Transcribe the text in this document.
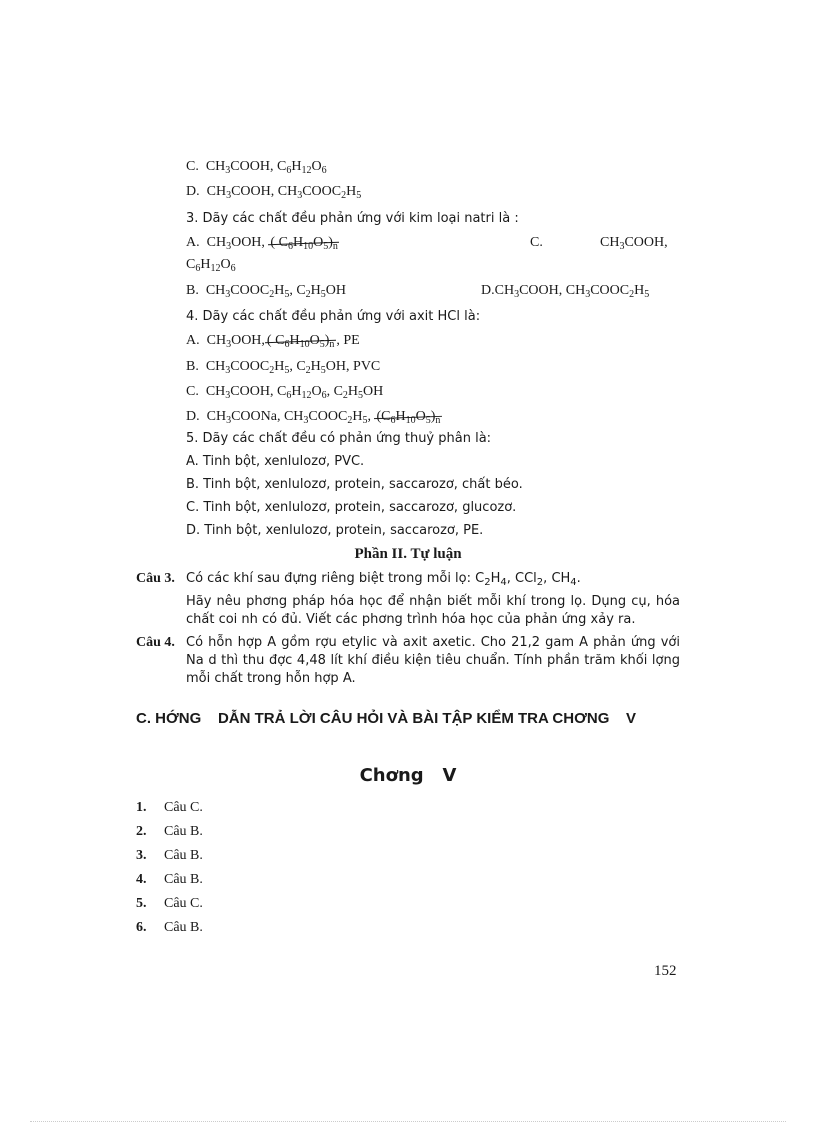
C. $CH_3COOH$, $C_6H_{12}O_6$
D. $CH_3COOH$, $CH_3COOC_2H_5$
3. Dãy các chất đều phản ứng với kim loại natri là :
A. $CH_3OOH$, ( $C_6H_{10}O_5)_n$	C.	$CH_3COOH$,
$C_6H_{12}O_6$
B. $CH_3COOC_2H_5$, $C_2H_5OH$	$D.CH_3COOH$, $CH_3COOC_2H_5$
4. Dãy các chất đều phản ứng với axit HCl là:
A. $CH_3OOH$, ( $C_6H_{10}O_5)_n$ , PE
B. $CH_3COOC_2H_5$, $C_2H_5OH$, PVC
C. $CH_3COOH$, $C_6H_{12}O_6$, $C_2H_5OH$
D. $CH_3COONa$, $CH_3COOC_2H_5$, $(C_6H_{10}O_5)_n$
5. Dãy các chất đều có phản ứng thuỷ phân là:
A. Tinh bột, xenlulozơ, PVC.
B. Tinh bột, xenlulozơ, protein, saccarozơ, chất béo.
C. Tinh bột, xenlulozơ, protein, saccarozơ, glucozơ.
D. Tinh bột, xenlulozơ, protein, saccarozơ, PE.
Phần II. Tự luận
Câu 3. Có các khí sau đựng riêng biệt trong mỗi lọ: $C_2H_4$, CCl$_2$, $CH_4$.
Hãy nêu phơng pháp hóa học để nhận biết mỗi khí trong lọ. Dụng cụ, hóa chất coi nh có đủ. Viết các phơng trình hóa học của phản ứng xảy ra.
Câu 4. Có hỗn hợp A gồm rợu etylic và axit axetic. Cho 21,2 gam A phản ứng với Na d thì thu đợc 4,48 lít khí điều kiện tiêu chuẩn. Tính phần trăm khối lợng mỗi chất trong hỗn hợp A.
C. HỚNG    DẪN TRẢ LỜI CÂU HỎI VÀ BÀI TẬP KIỂM TRA CHƠNG    V
Chơng   V
1. Câu C.
2. Câu B.
3. Câu B.
4. Câu B.
5. Câu C.
6. Câu B.
152
